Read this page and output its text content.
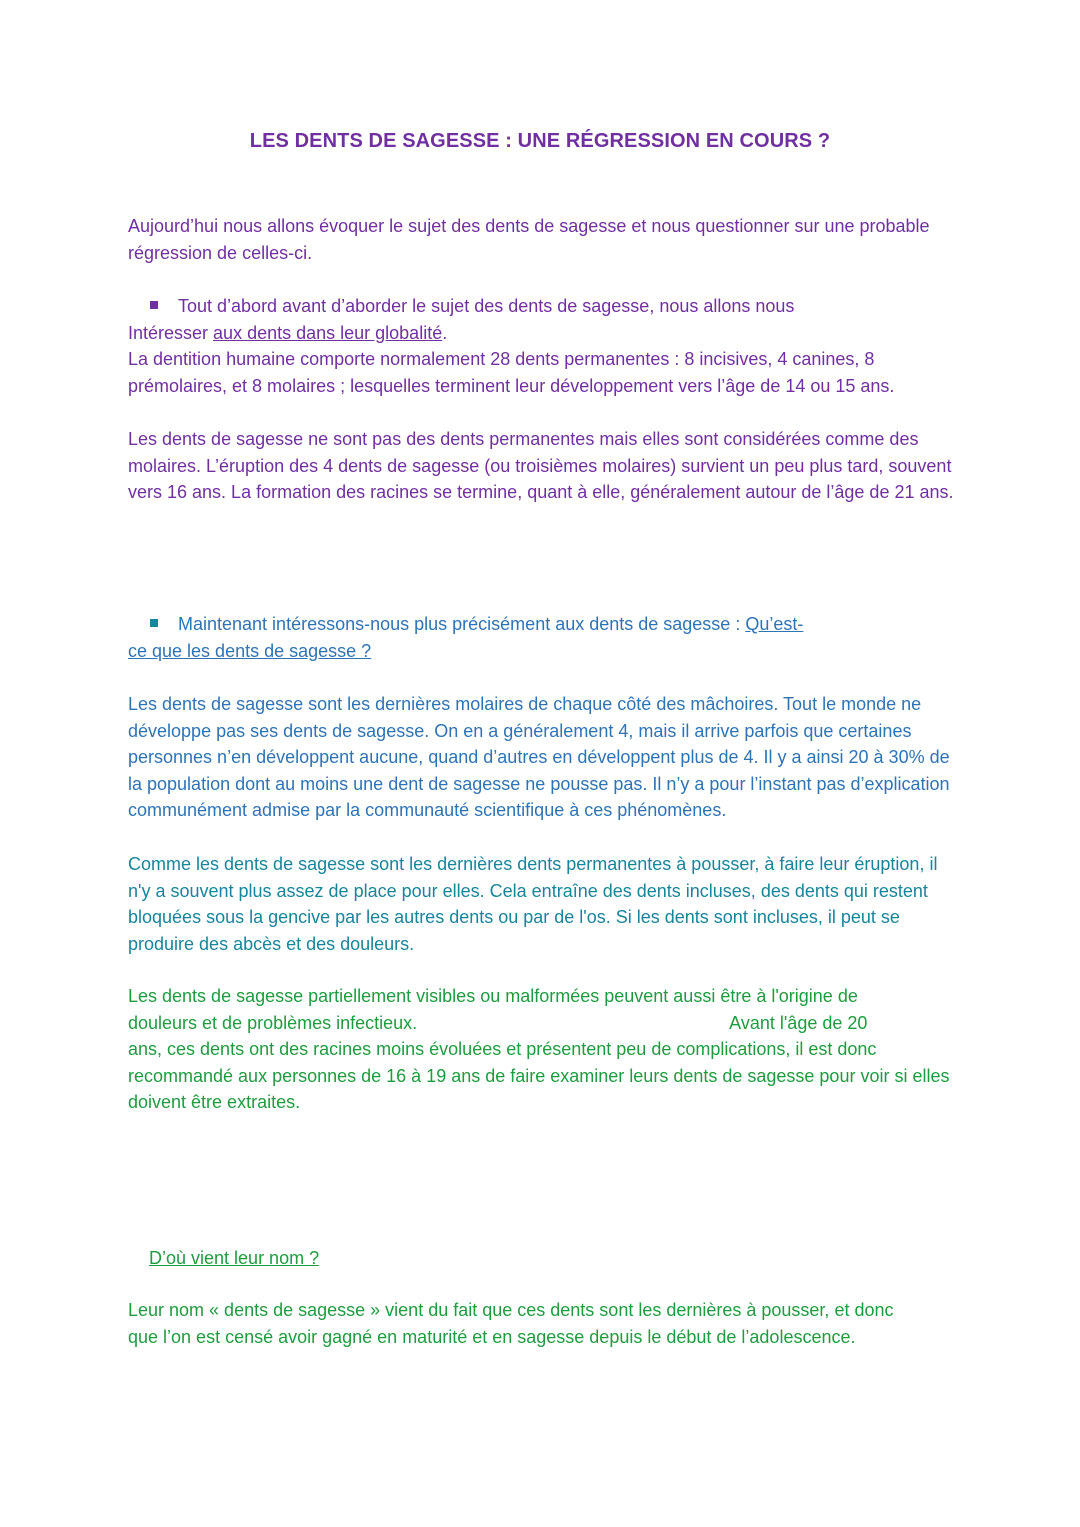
LES DENTS DE SAGESSE : UNE RÉGRESSION EN COURS ?

Aujourd’hui nous allons évoquer le sujet des dents de sagesse et nous questionner sur une probable régression de celles-ci.

Tout d’abord avant d’aborder le sujet des dents de sagesse, nous allons nous
Intéresser aux dents dans leur globalité.

La dentition humaine comporte normalement 28 dents permanentes : 8 incisives, 4 canines, 8 prémolaires, et 8 molaires ; lesquelles terminent leur développement vers l’âge de 14 ou 15 ans.

Les dents de sagesse ne sont pas des dents permanentes mais elles sont considérées comme des molaires. L’éruption des 4 dents de sagesse (ou troisièmes molaires) survient un peu plus tard, souvent vers 16 ans. La formation des racines se termine, quant à elle, généralement autour de l’âge de 21 ans.

Maintenant intéressons-nous plus précisément aux dents de sagesse : Qu’est-
ce que les dents de sagesse ?

Les dents de sagesse sont les dernières molaires de chaque côté des mâchoires. Tout le monde ne développe pas ses dents de sagesse. On en a généralement 4, mais il arrive parfois que certaines personnes n’en développent aucune, quand d’autres en développent plus de 4. Il y a ainsi 20 à 30% de la population dont au moins une dent de sagesse ne pousse pas. Il n’y a pour l’instant pas d’explication communément admise par la communauté scientifique à ces phénomènes.

Comme les dents de sagesse sont les dernières dents permanentes à pousser, à faire leur éruption, il n'y a souvent plus assez de place pour elles. Cela entraîne des dents incluses, des dents qui restent bloquées sous la gencive par les autres dents ou par de l'os. Si les dents sont incluses, il peut se produire des abcès et des douleurs.

Les dents de sagesse partiellement visibles ou malformées peuvent aussi être à l'origine de
douleurs et de problèmes infectieux.	Avant l'âge de 20

ans, ces dents ont des racines moins évoluées et présentent peu de complications, il est donc recommandé aux personnes de 16 à 19 ans de faire examiner leurs dents de sagesse pour voir si elles doivent être extraites.

D’où vient leur nom ?

Leur nom « dents de sagesse » vient du fait que ces dents sont les dernières à pousser, et donc que l’on est censé avoir gagné en maturité et en sagesse depuis le début de l’adolescence.
